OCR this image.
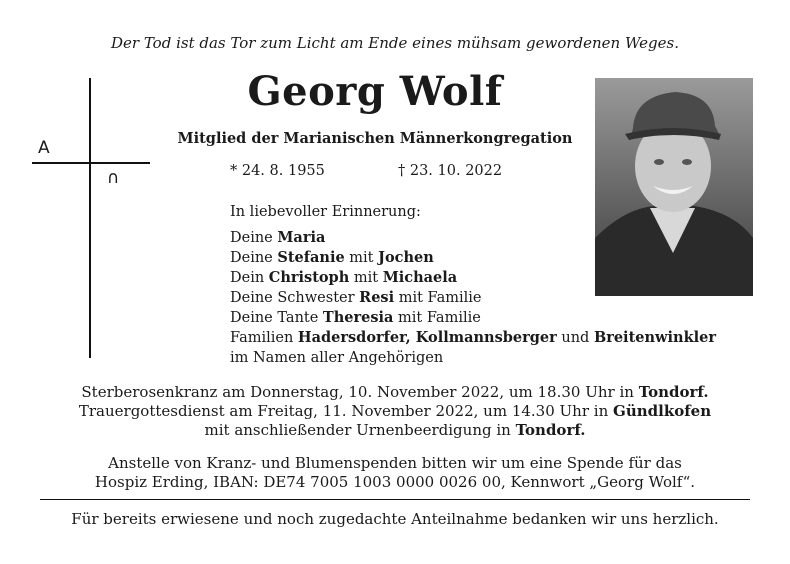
Der Tod ist das Tor zum Licht am Ende eines mühsam gewordenen Weges.
A
∩
Georg Wolf
Mitglied der Marianischen Männerkongregation
* 24. 8. 1955	† 23. 10. 2022
In liebevoller Erinnerung:
Deine Maria
Deine Stefanie mit Jochen
Dein Christoph mit Michaela
Deine Schwester Resi mit Familie
Deine Tante Theresia mit Familie
Familien Hadersdorfer, Kollmannsberger und Breitenwinkler
im Namen aller Angehörigen
Sterberosenkranz am Donnerstag, 10. November 2022, um 18.30 Uhr in Tondorf.
Trauergottesdienst am Freitag, 11. November 2022, um 14.30 Uhr in Gündlkofen
mit anschließender Urnenbeerdigung in Tondorf.
Anstelle von Kranz- und Blumenspenden bitten wir um eine Spende für das
Hospiz Erding, IBAN: DE74 7005 1003 0000 0026 00, Kennwort „Georg Wolf“.
Für bereits erwiesene und noch zugedachte Anteilnahme bedanken wir uns herzlich.
